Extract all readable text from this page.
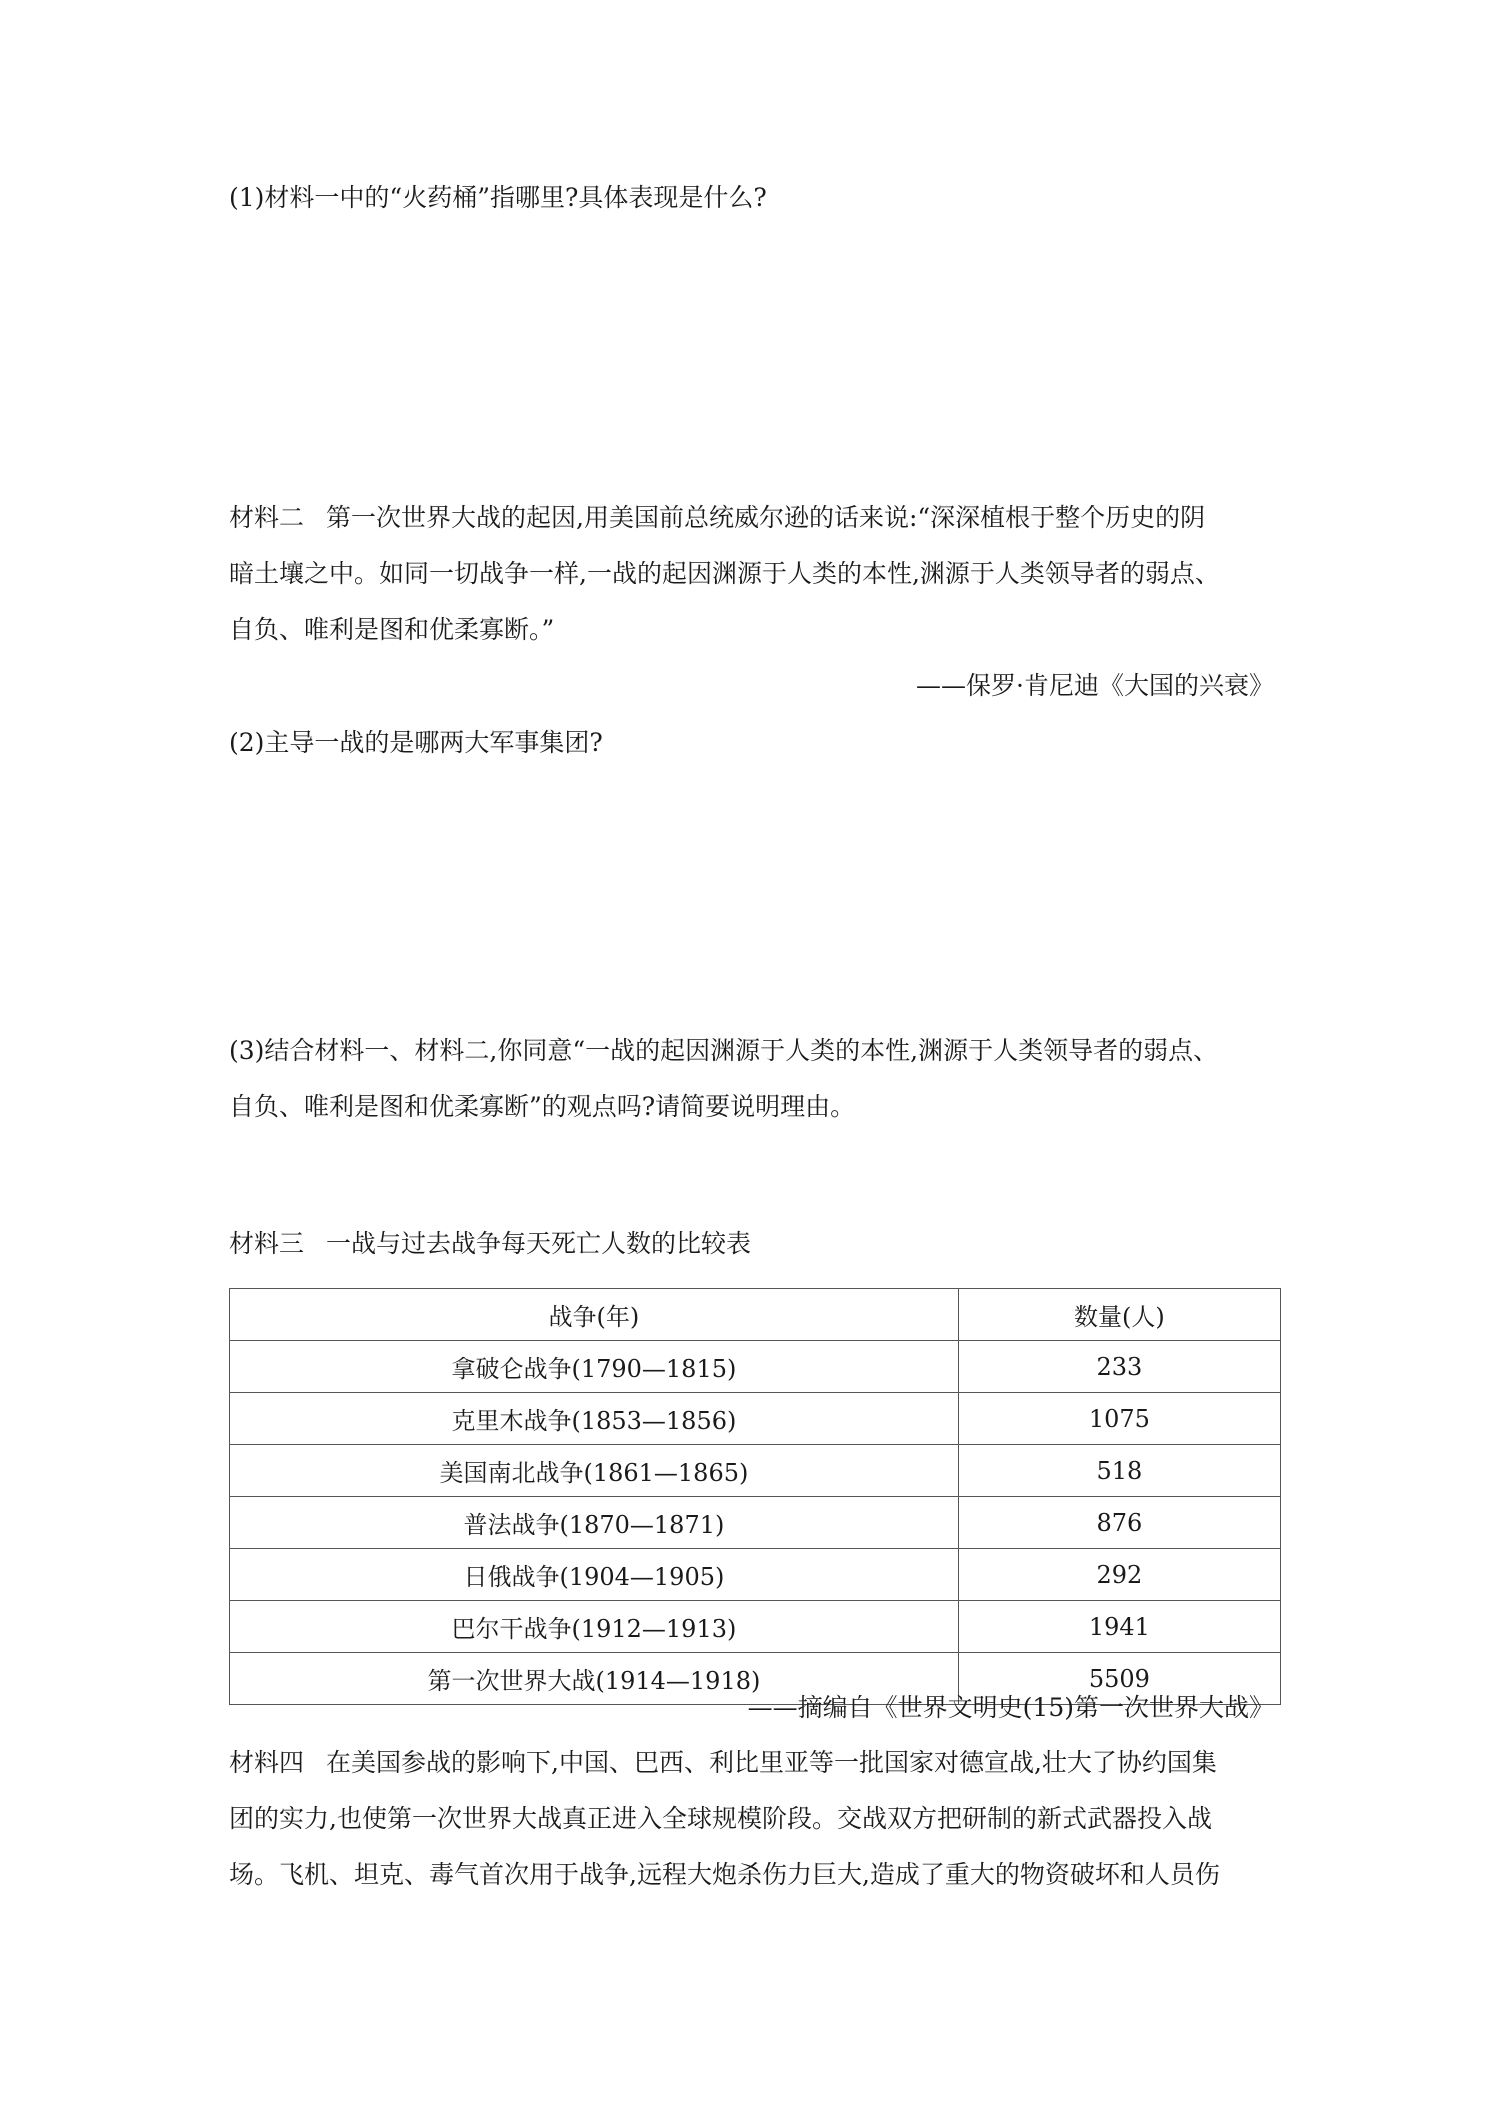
(1)材料一中的“火药桶”指哪里?具体表现是什么?
材料二 第一次世界大战的起因,用美国前总统威尔逊的话来说:“深深植根于整个历史的阴
暗土壤之中。如同一切战争一样,一战的起因渊源于人类的本性,渊源于人类领导者的弱点、
自负、唯利是图和优柔寡断。”
——保罗·肯尼迪《大国的兴衰》
(2)主导一战的是哪两大军事集团?
(3)结合材料一、材料二,你同意“一战的起因渊源于人类的本性,渊源于人类领导者的弱点、
自负、唯利是图和优柔寡断”的观点吗?请简要说明理由。
材料三 一战与过去战争每天死亡人数的比较表
战争(年)	数量(人)
拿破仑战争(1790—1815)	233
克里木战争(1853—1856)	1075
美国南北战争(1861—1865)	518
普法战争(1870—1871)	876
日俄战争(1904—1905)	292
巴尔干战争(1912—1913)	1941
第一次世界大战(1914—1918)	5509
——摘编自《世界文明史(15)第一次世界大战》
材料四 在美国参战的影响下,中国、巴西、利比里亚等一批国家对德宣战,壮大了协约国集
团的实力,也使第一次世界大战真正进入全球规模阶段。交战双方把研制的新式武器投入战
场。飞机、坦克、毒气首次用于战争,远程大炮杀伤力巨大,造成了重大的物资破坏和人员伤
